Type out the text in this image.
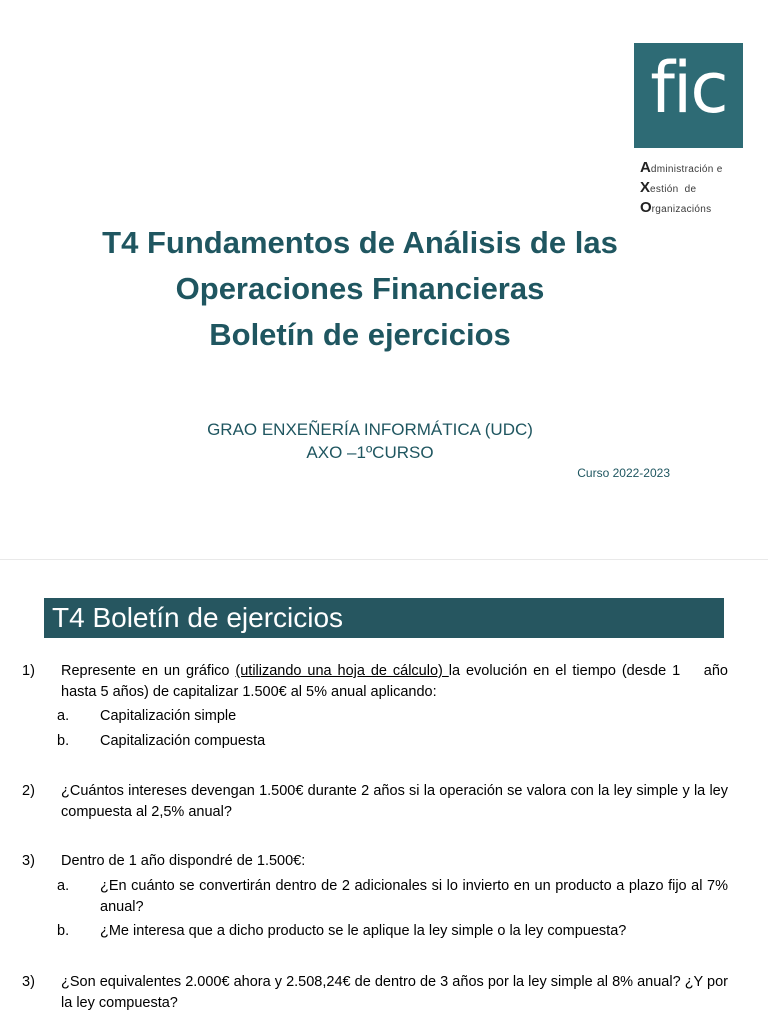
fic
Administración e
Xestión  de
Organizacións
T4 Fundamentos de Análisis de las
Operaciones Financieras
Boletín de ejercicios
GRAO ENXEÑERÍA INFORMÁTICA (UDC)
AXO –1ºCURSO
Curso 2022-2023
T4 Boletín de ejercicios
1) Represente en un gráfico (utilizando una hoja de cálculo) la evolución en el tiempo (desde 1    año hasta 5 años) de capitalizar 1.500€ al 5% anual aplicando:
a. Capitalización simple
b. Capitalización compuesta
2) ¿Cuántos intereses devengan 1.500€ durante 2 años si la operación se valora con la ley simple y la ley compuesta al 2,5% anual?
3) Dentro de 1 año dispondré de 1.500€:
a. ¿En cuánto se convertirán dentro de 2 adicionales si lo invierto en un producto a plazo fijo al 7% anual?
b. ¿Me interesa que a dicho producto se le aplique la ley simple o la ley compuesta?
3) ¿Son equivalentes 2.000€ ahora y 2.508,24€ de dentro de 3 años por la ley simple al 8% anual? ¿Y por la ley compuesta?
